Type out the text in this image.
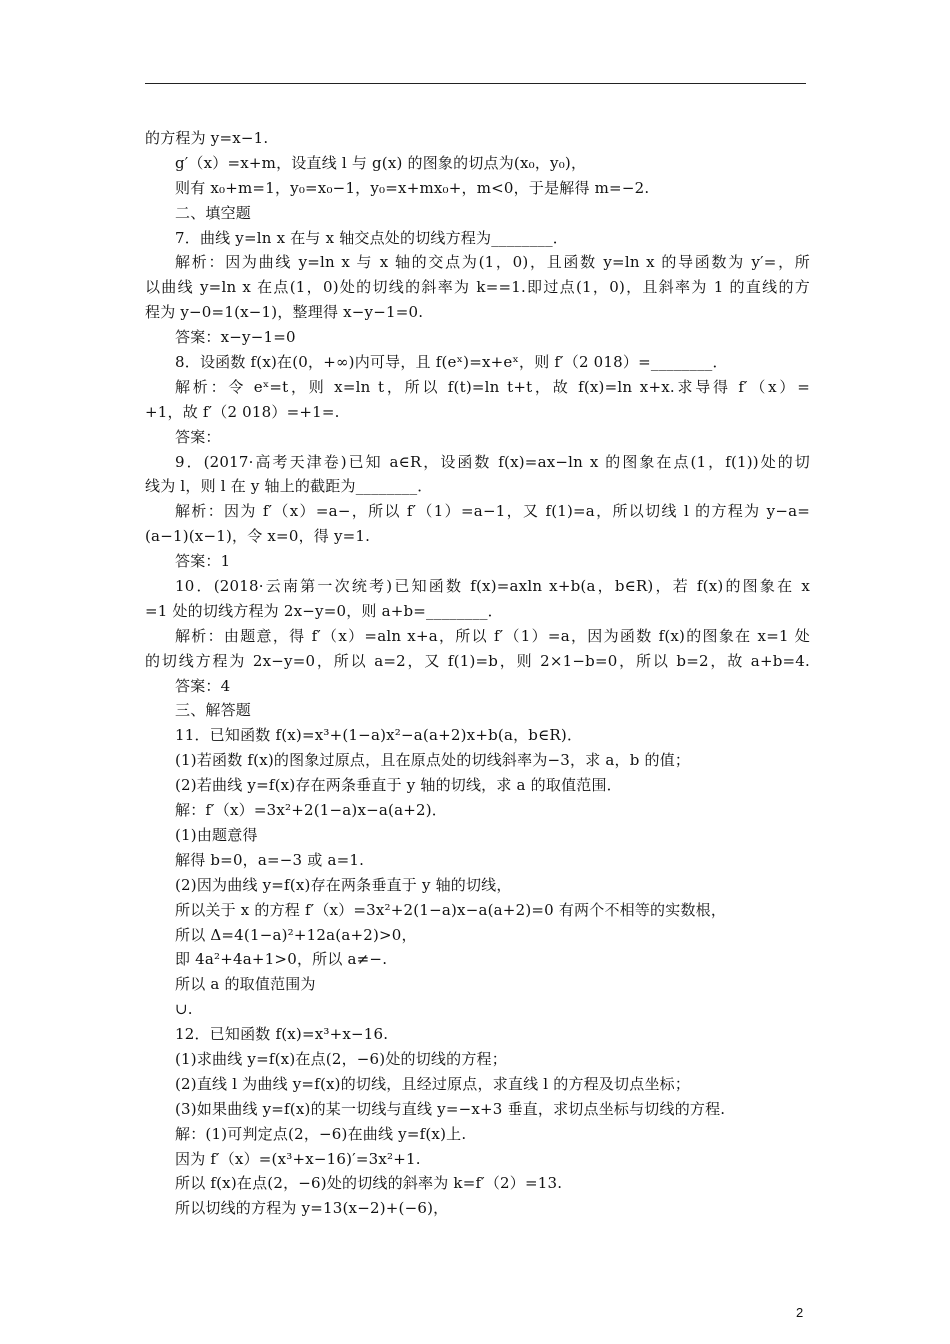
的方程为 y=x−1.
g′（x）=x+m，设直线 l 与 g(x) 的图象的切点为(x₀，y₀)，
则有 x₀+m=1，y₀=x₀−1，y₀=x+mx₀+，m<0，于是解得 m=−2.
二、填空题
7．曲线 y=ln x 在与 x 轴交点处的切线方程为________．
解析：因为曲线 y=ln x 与 x 轴的交点为(1，0)，且函数 y=ln x 的导函数为 y′=，所
以曲线 y=ln x 在点(1，0)处的切线的斜率为 k==1.即过点(1，0)，且斜率为 1 的直线的方
程为 y−0=1(x−1)，整理得 x−y−1=0.
答案：x−y−1=0
8．设函数 f(x)在(0，+∞)内可导，且 f(eˣ)=x+eˣ，则 f′（2 018）=________．
解析：令 eˣ=t，则 x=ln t，所以 f(t)=ln t+t，故 f(x)=ln x+x.求导得 f′（x）=
+1，故 f′（2 018）=+1=.
答案：
9．(2017·高考天津卷)已知 a∈R，设函数 f(x)=ax−ln x 的图象在点(1，f(1))处的切
线为 l，则 l 在 y 轴上的截距为________．
解析：因为 f′（x）=a−，所以 f′（1）=a−1，又 f(1)=a，所以切线 l 的方程为 y−a=
(a−1)(x−1)，令 x=0，得 y=1.
答案：1
10．(2018·云南第一次统考)已知函数 f(x)=axln x+b(a，b∈R)，若 f(x)的图象在 x
=1 处的切线方程为 2x−y=0，则 a+b=________．
解析：由题意，得 f′（x）=aln x+a，所以 f′（1）=a，因为函数 f(x)的图象在 x=1 处
的切线方程为 2x−y=0，所以 a=2，又 f(1)=b，则 2×1−b=0，所以 b=2，故 a+b=4.
答案：4
三、解答题
11．已知函数 f(x)=x³+(1−a)x²−a(a+2)x+b(a，b∈R)．
(1)若函数 f(x)的图象过原点，且在原点处的切线斜率为−3，求 a，b 的值；
(2)若曲线 y=f(x)存在两条垂直于 y 轴的切线，求 a 的取值范围．
解：f′（x）=3x²+2(1−a)x−a(a+2)．
(1)由题意得
解得 b=0，a=−3 或 a=1.
(2)因为曲线 y=f(x)存在两条垂直于 y 轴的切线，
所以关于 x 的方程 f′（x）=3x²+2(1−a)x−a(a+2)=0 有两个不相等的实数根，
所以 Δ=4(1−a)²+12a(a+2)>0，
即 4a²+4a+1>0，所以 a≠−.
所以 a 的取值范围为
∪.
12．已知函数 f(x)=x³+x−16.
(1)求曲线 y=f(x)在点(2，−6)处的切线的方程；
(2)直线 l 为曲线 y=f(x)的切线，且经过原点，求直线 l 的方程及切点坐标；
(3)如果曲线 y=f(x)的某一切线与直线 y=−x+3 垂直，求切点坐标与切线的方程.
解：(1)可判定点(2，−6)在曲线 y=f(x)上.
因为 f′（x）=(x³+x−16)′=3x²+1.
所以 f(x)在点(2，−6)处的切线的斜率为 k=f′（2）=13.
所以切线的方程为 y=13(x−2)+(−6)，
2
